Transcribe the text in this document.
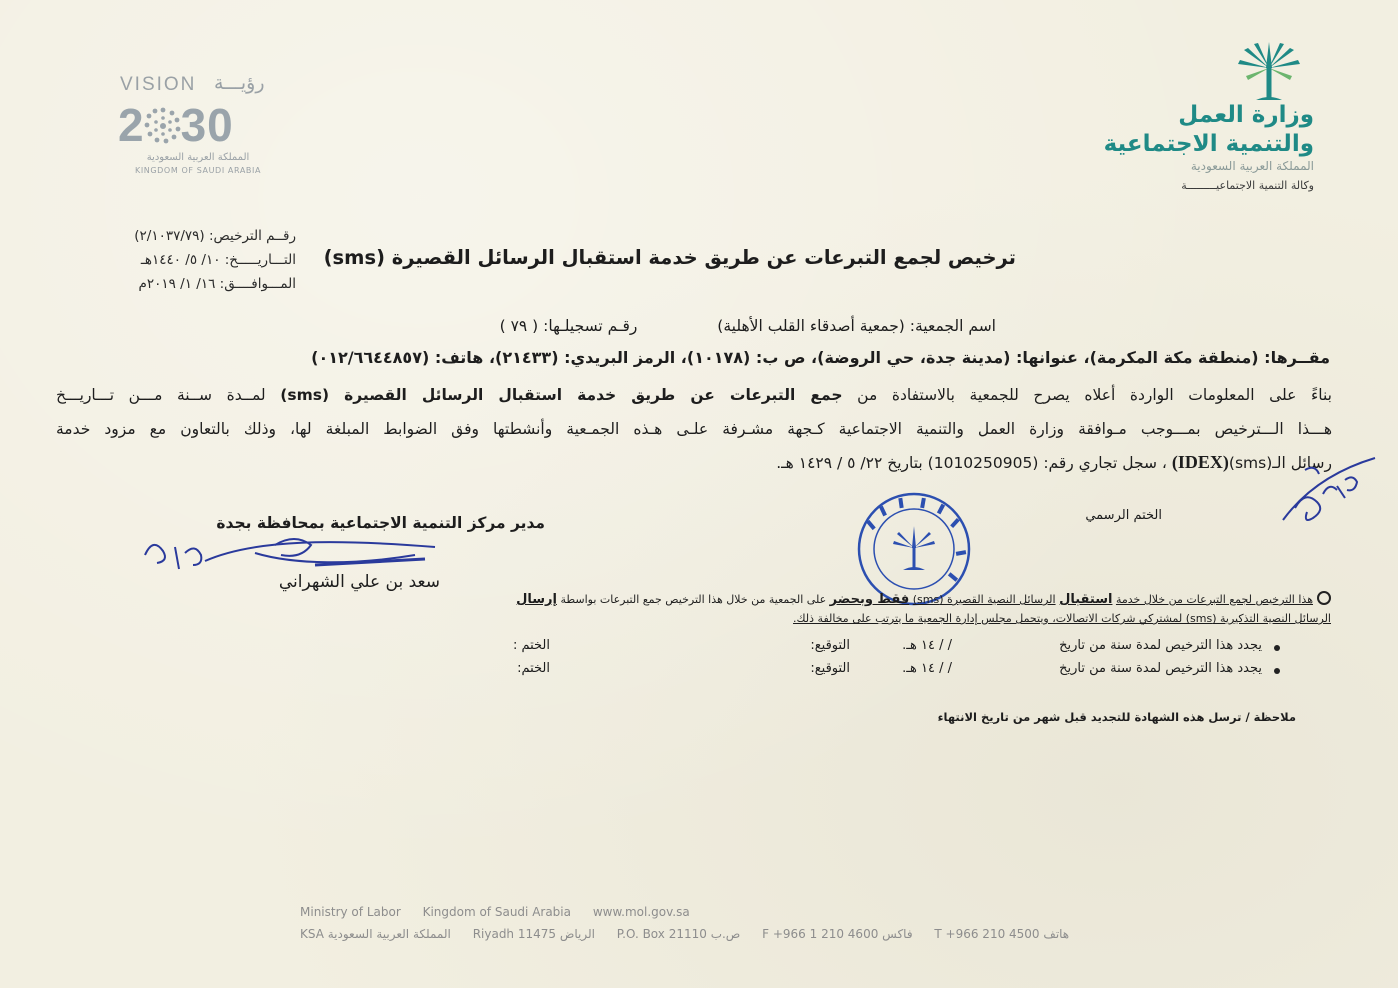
وزارة العمل
والتنمية الاجتماعية
المملكة العربية السعودية
وكالة التنمية الاجتماعيـــــــــة
VISION رؤيـــة
2 30
المملكة العربية السعودية
KINGDOM OF SAUDI ARABIA
رقــم الترخيص: (٢/١٠٣٧/٧٩)
التـــاريـــــخ: ١٠/ ٥/ ١٤٤٠هـ
المـــوافــــق: ١٦/ ١/ ٢٠١٩م
ترخيص لجمع التبرعات عن طريق خدمة استقبال الرسائل القصيرة (sms)
اسم الجمعية: (جمعية أصدقاء القلب الأهلية)  رقـم تسجيلـها: ( ٧٩ )
مقــرها: (منطقة مكة المكرمة)، عنوانها: (مدينة جدة، حي الروضة)، ص ب: (١٠١٧٨)، الرمز البريدي: (٢١٤٣٣)، هاتف: (٠١٢/٦٦٤٤٨٥٧)
بناءً على المعلومات الواردة أعلاه يصرح للجمعية بالاستفادة من جمع التبرعات عن طريق خدمة استقبال الرسائل القصيرة (sms) لمــدة ســنة مـــن تـــاريـــخ
هـــذا الـــترخيص بمـــوجب مـوافقة وزارة العمل والتنمية الاجتماعية كـجهة مشـرفة علـى هـذه الجمـعية وأنشطتها وفق الضوابط المبلغة لها، وذلك بالتعاون مع مزود خدمة
رسائل الـ(sms)(IDEX) ، سجل تجاري رقم: (1010250905) بتاريخ ٢٢/ ٥ / ١٤٢٩ هـ.
الختم الرسمي
مدير مركز التنمية الاجتماعية بمحافظة بجدة
سعد بن علي الشهراني
هذا الترخيص لجمع التبرعات من خلال خدمة استقبال الرسائل النصية القصيرة (sms) فقط وبحضر على الجمعية من خلال هذا الترخيص جمع التبرعات بواسطة إرسال الرسائل النصية التذكيرية (sms) لمشتركي شركات الاتصالات، ويتحمل مجلس إدارة الجمعية ما يترتب على مخالفة ذلك.
يجدد هذا الترخيص لمدة سنة من تاريخ
/ / ١٤ هـ.
التوقيع:
الختم :
يجدد هذا الترخيص لمدة سنة من تاريخ
/ / ١٤ هـ.
التوقيع:
الختم:
ملاحظة / ترسل هذه الشهادة للتجديد قبل شهر من تاريخ الانتهاء
Ministry of Labor Kingdom of Saudi Arabia www.mol.gov.sa
KSA المملكة العربية السعودية Riyadh 11475 الرياض P.O. Box 21110 ص.ب F +966 1 210 4600 فاكس T +966 210 4500 هاتف
